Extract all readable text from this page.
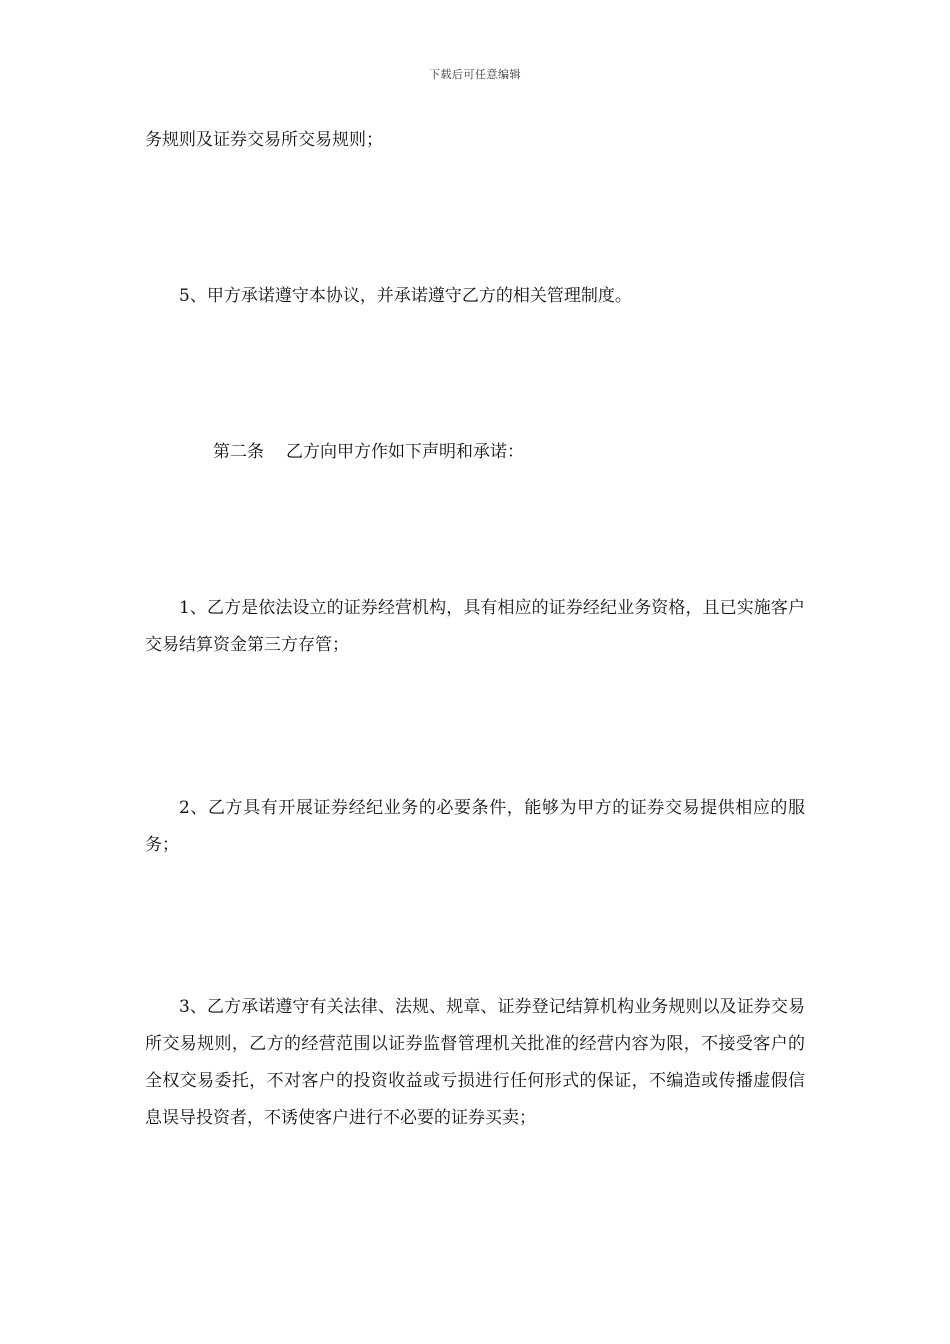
下载后可任意编辑

务规则及证券交易所交易规则；

5、甲方承诺遵守本协议，并承诺遵守乙方的相关管理制度。

第二条 乙方向甲方作如下声明和承诺：

1、乙方是依法设立的证券经营机构，具有相应的证券经纪业务资格，且已实施客户交易结算资金第三方存管；

2、乙方具有开展证券经纪业务的必要条件，能够为甲方的证券交易提供相应的服务；

3、乙方承诺遵守有关法律、法规、规章、证券登记结算机构业务规则以及证券交易所交易规则，乙方的经营范围以证券监督管理机关批准的经营内容为限，不接受客户的全权交易委托，不对客户的投资收益或亏损进行任何形式的保证，不编造或传播虚假信息误导投资者，不诱使客户进行不必要的证券买卖；
